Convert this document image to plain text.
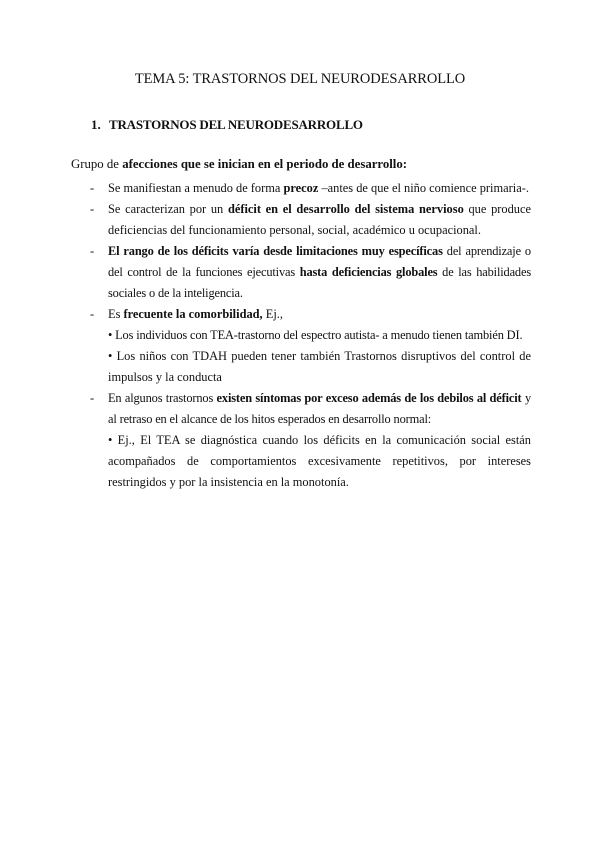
TEMA 5: TRASTORNOS DEL NEURODESARROLLO
1. TRASTORNOS DEL NEURODESARROLLO

Grupo de afecciones que se inician en el periodo de desarrollo:

- Se manifiestan a menudo de forma precoz –antes de que el niño comience primaria-.

- Se caracterizan por un déficit en el desarrollo del sistema nervioso que produce deficiencias del funcionamiento personal, social, académico u ocupacional.

- El rango de los déficits varía desde limitaciones muy específicas del aprendizaje o del control de la funciones ejecutivas hasta deficiencias globales de las habilidades sociales o de la inteligencia.

- Es frecuente la comorbilidad, Ej.,

• Los individuos con TEA-trastorno del espectro autista- a menudo tienen también DI.

• Los niños con TDAH pueden tener también Trastornos disruptivos del control de impulsos y la conducta

- En algunos trastornos existen síntomas por exceso además de los debilos al déficit y al retraso en el alcance de los hitos esperados en desarrollo normal:

• Ej., El TEA se diagnóstica cuando los déficits en la comunicación social están acompañados de comportamientos excesivamente repetitivos, por intereses restringidos y por la insistencia en la monotonía.
